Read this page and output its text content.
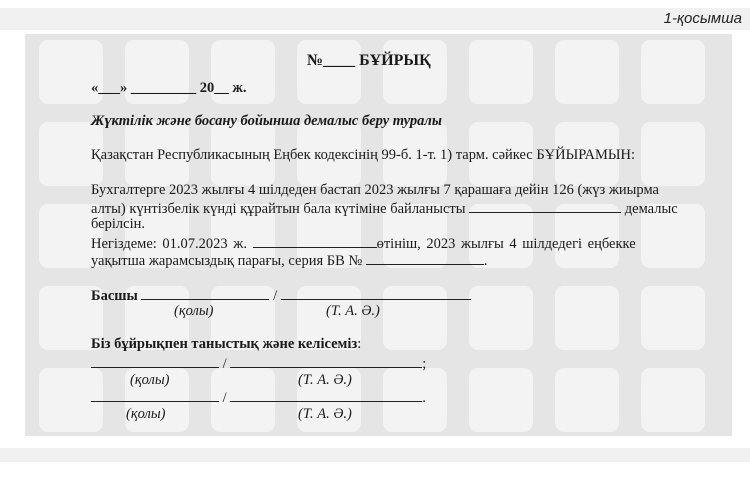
1-қосымша
№____ БҰЙРЫҚ
«___» _________ 20__ ж.
Жүктілік және босану бойынша демалыс беру туралы
Қазақстан Республикасының Еңбек кодексінің 99-б. 1-т. 1) тарм. сәйкес БҰЙЫРАМЫН:
Бухгалтерге 2023 жылғы 4 шілдеден бастап 2023 жылғы 7 қарашаға дейін 126 (жүз жиырма
алты) күнтізбелік күнді құрайтын бала күтіміне байланысты	демалыс
берілсін.
Негіздеме: 01.07.2023 ж.	өтініш, 2023 жылғы 4 шілдедегі еңбекке
уақытша жарамсыздық парағы, серия БВ №	.
Басшы	/
(қолы)	(Т. А. Ә.)
Біз бұйрықпен таныстық және келісеміз:
/	;
(қолы)	(Т. А. Ә.)
/	.
(қолы)	(Т. А. Ә.)
